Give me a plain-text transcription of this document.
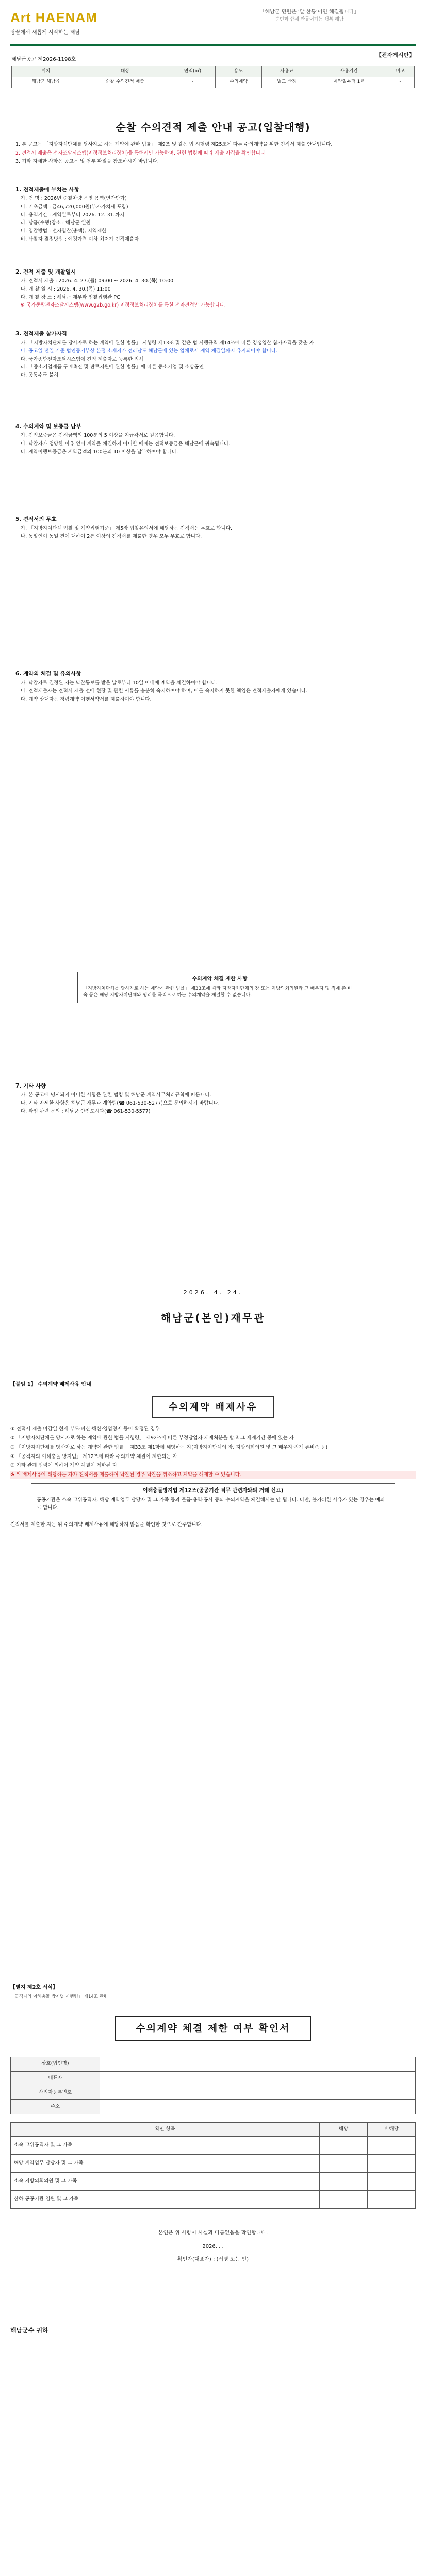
Art HAENAM
땅끝에서 새롭게 시작하는 해남
「해남군 민원은 '말 한통'이면 해결됩니다」
군민과 함께 만들어가는 행복 해남
【전자게시판】
해남군공고 제2026-1198호
위치	대상	면적(㎡)	용도	사용료	사용기간	비고
해남군 해남읍	순찰 수의견적 매출	-	수의계약	별도 산정	계약일부터 1년	-
순찰 수의견적 제출 안내 공고(입찰대행)

1. 본 공고는 「지방자치단체를 당사자로 하는 계약에 관한 법률」 제9조 및 같은 법 시행령 제25조에 따른 수의계약을 위한 견적서 제출 안내입니다.

2. 견적서 제출은 전자조달시스템(지정정보처리장치)을 통해서만 가능하며, 관련 법령에 따라 제출 자격을 확인합니다.

3. 기타 자세한 사항은 공고문 및 첨부 파일을 참조하시기 바랍니다.

1. 견적제출에 부치는 사항

가. 건 명 : 2026년 순찰차량 운영 용역(연간단가)

나. 기초금액 : 금46,720,000원(부가가치세 포함)

다. 용역기간 : 계약일로부터 2026. 12. 31.까지

라. 납품(수행)장소 : 해남군 일원

마. 입찰방법 : 전자입찰(총액), 지역제한

바. 낙찰자 결정방법 : 예정가격 이하 최저가 견적제출자

2. 견적 제출 및 개찰일시

가. 견적서 제출 : 2026. 4. 27.(월) 09:00 ~ 2026. 4. 30.(목) 10:00

나. 개 찰 일 시 : 2026. 4. 30.(목) 11:00

다. 개 찰 장 소 : 해남군 재무과 입찰집행관 PC

※ 국가종합전자조달시스템(www.g2b.go.kr) 지정정보처리장치를 통한 전자견적만 가능합니다.

3. 견적제출 참가자격

가. 「지방자치단체를 당사자로 하는 계약에 관한 법률」 시행령 제13조 및 같은 법 시행규칙 제14조에 따른 경쟁입찰 참가자격을 갖춘 자

나. 공고일 전일 기준 법인등기부상 본점 소재지가 전라남도 해남군에 있는 업체로서 계약 체결일까지 유지되어야 합니다.

다. 국가종합전자조달시스템에 견적 제출자로 등록한 업체

라. 「중소기업제품 구매촉진 및 판로지원에 관한 법률」에 따른 중소기업 및 소상공인

마. 공동수급 불허

4. 수의계약 및 보증금 납부

가. 견적보증금은 견적금액의 100분의 5 이상을 지급각서로 갈음합니다.

나. 낙찰자가 정당한 이유 없이 계약을 체결하지 아니할 때에는 견적보증금은 해남군에 귀속됩니다.

다. 계약이행보증금은 계약금액의 100분의 10 이상을 납부하여야 합니다.

5. 견적서의 무효

가. 「지방자치단체 입찰 및 계약집행기준」 제5장 입찰유의서에 해당하는 견적서는 무효로 합니다.

나. 동일인이 동일 건에 대하여 2통 이상의 견적서를 제출한 경우 모두 무효로 합니다.

6. 계약의 체결 및 유의사항

가. 낙찰자로 결정된 자는 낙찰통보를 받은 날로부터 10일 이내에 계약을 체결하여야 합니다.

나. 견적제출자는 견적서 제출 전에 현장 및 관련 서류를 충분히 숙지하여야 하며, 이를 숙지하지 못한 책임은 견적제출자에게 있습니다.

다. 계약 상대자는 청렴계약 이행서약서를 제출하여야 합니다.

7. 기타 사항

가. 본 공고에 명시되지 아니한 사항은 관련 법령 및 해남군 계약사무처리규칙에 따릅니다.

나. 기타 자세한 사항은 해남군 재무과 계약팀(☎ 061-530-5277)으로 문의하시기 바랍니다.

다. 과업 관련 문의 : 해남군 안전도시과(☎ 061-530-5577)

수의계약 체결 제한 사항

「지방자치단체를 당사자로 하는 계약에 관한 법률」 제33조에 따라 지방자치단체의 장 또는 지방의회의원과 그 배우자 및 직계 존·비속 등은 해당 지방자치단체와 영리를 목적으로 하는 수의계약을 체결할 수 없습니다.

2026. 4. 24.
해남군(본인)재무관
【붙임 1】 수의계약 배제사유 안내
수의계약 배제사유

① 견적서 제출 마감일 현재 부도·파산·해산·영업정지 등이 확정된 경우

② 「지방자치단체를 당사자로 하는 계약에 관한 법률 시행령」 제92조에 따른 부정당업자 제재처분을 받고 그 제재기간 중에 있는 자

③ 「지방자치단체를 당사자로 하는 계약에 관한 법률」 제33조 제1항에 해당하는 자(지방자치단체의 장, 지방의회의원 및 그 배우자·직계 존비속 등)

④ 「공직자의 이해충돌 방지법」 제12조에 따라 수의계약 체결이 제한되는 자

⑤ 기타 관계 법령에 의하여 계약 체결이 제한된 자

※ 위 배제사유에 해당하는 자가 견적서를 제출하여 낙찰된 경우 낙찰을 취소하고 계약을 해제할 수 있습니다.

이해충돌방지법 제12조(공공기관 직무 관련자와의 거래 신고)

공공기관은 소속 고위공직자, 해당 계약업무 담당자 및 그 가족 등과 물품·용역·공사 등의 수의계약을 체결해서는 안 됩니다. 다만, 불가피한 사유가 있는 경우는 예외로 합니다.

견적서를 제출한 자는 위 수의계약 배제사유에 해당하지 않음을 확인한 것으로 간주합니다.

【별지 제2호 서식】
「공직자의 이해충돌 방지법 시행령」 제14조 관련
수의계약 체결 제한 여부 확인서
상호(법인명)	
대표자	
사업자등록번호	
주소	

확인 항목	해당	비해당
소속 고위공직자 및 그 가족		
해당 계약업무 담당자 및 그 가족		
소속 지방의회의원 및 그 가족		
산하 공공기관 임원 및 그 가족		

본인은 위 사항이 사실과 다름없음을 확인합니다.

2026. . .

확인자(대표자) : (서명 또는 인)

해남군수 귀하
